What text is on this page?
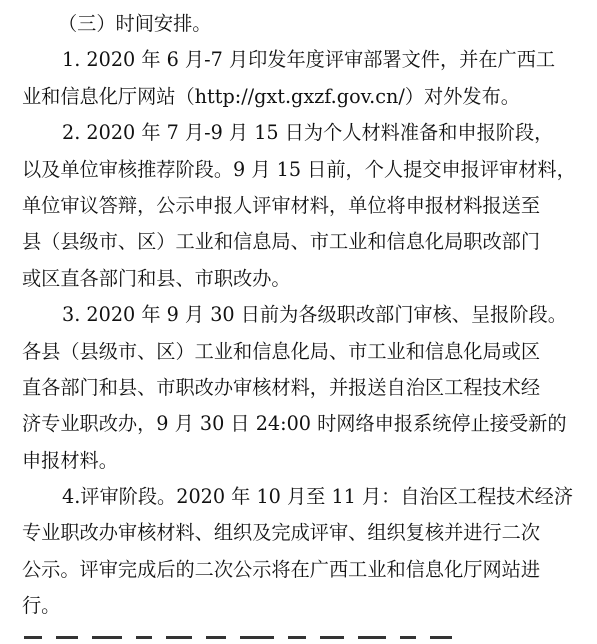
（三）时间安排。
1. 2020 年 6 月-7 月印发年度评审部署文件，并在广西工
业和信息化厅网站（http://gxt.gxzf.gov.cn/）对外发布。
2. 2020 年 7 月-9 月 15 日为个人材料准备和申报阶段，
以及单位审核推荐阶段。9 月 15 日前，个人提交申报评审材料，
单位审议答辩，公示申报人评审材料，单位将申报材料报送至
县（县级市、区）工业和信息局、市工业和信息化局职改部门
或区直各部门和县、市职改办。
3. 2020 年 9 月 30 日前为各级职改部门审核、呈报阶段。
各县（县级市、区）工业和信息化局、市工业和信息化局或区
直各部门和县、市职改办审核材料，并报送自治区工程技术经
济专业职改办，9 月 30 日 24:00 时网络申报系统停止接受新的
申报材料。
4.评审阶段。2020 年 10 月至 11 月：自治区工程技术经济
专业职改办审核材料、组织及完成评审、组织复核并进行二次
公示。评审完成后的二次公示将在广西工业和信息化厅网站进
行。
